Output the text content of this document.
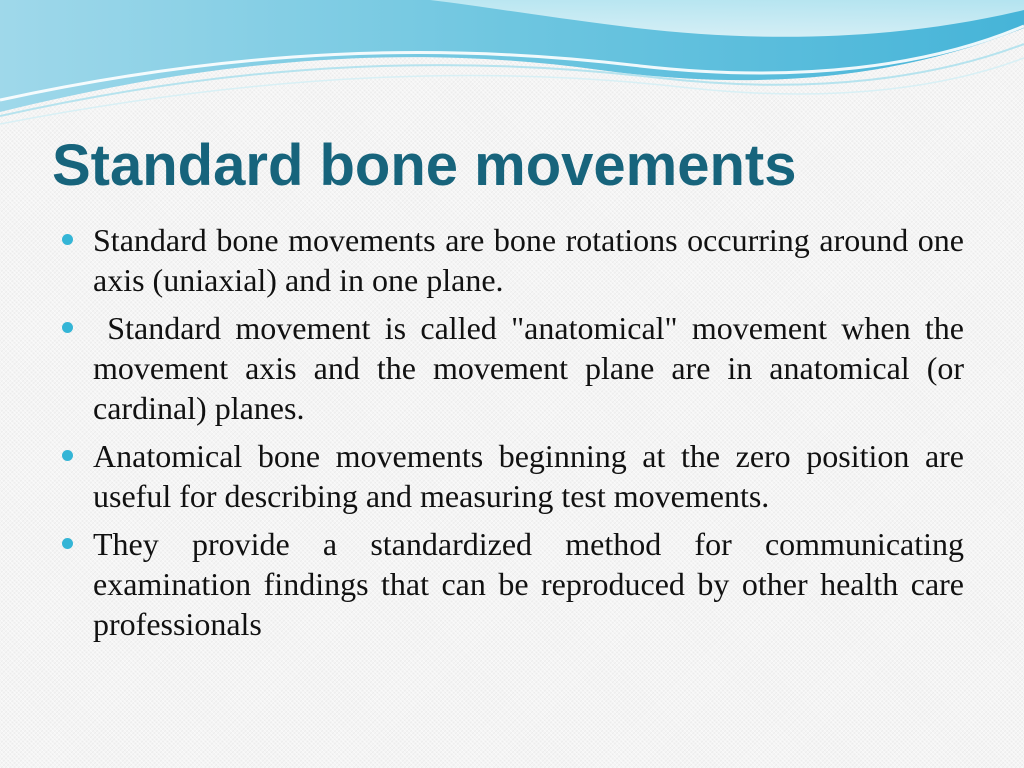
Standard bone movements
Standard bone movements are bone rotations occurring around one axis (uniaxial) and in one plane.
Standard movement is called "anatomical" movement when the movement axis and the movement plane are in anatomical (or cardinal) planes.
Anatomical bone movements beginning at the zero position are useful for describing and measuring test movements.
They provide a standardized method for communicating examination findings that can be reproduced by other health care professionals
